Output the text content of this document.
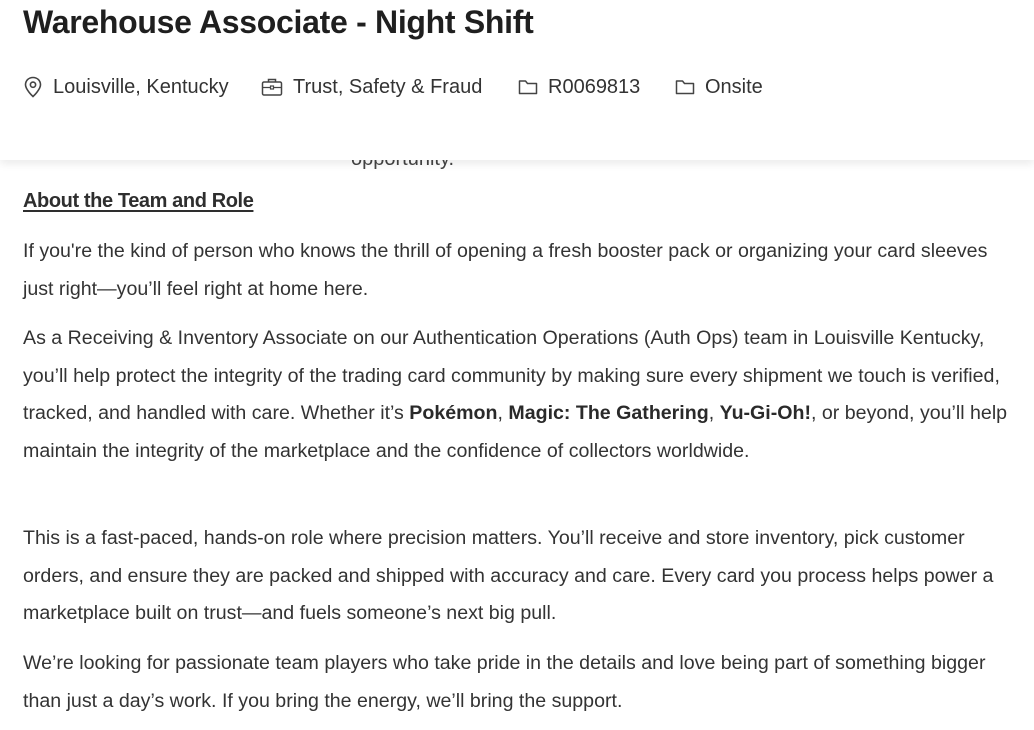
Warehouse Associate - Night Shift
Louisville, Kentucky	Trust, Safety & Fraud	R0069813	Onsite
About the Team and Role

If you're the kind of person who knows the thrill of opening a fresh booster pack or organizing your card sleeves just right—you’ll feel right at home here.

As a Receiving & Inventory Associate on our Authentication Operations (Auth Ops) team in Louisville Kentucky, you’ll help protect the integrity of the trading card community by making sure every shipment we touch is verified, tracked, and handled with care. Whether it’s Pokémon, Magic: The Gathering, Yu-Gi-Oh!, or beyond, you’ll help maintain the integrity of the marketplace and the confidence of collectors worldwide.

This is a fast-paced, hands-on role where precision matters. You’ll receive and store inventory, pick customer orders, and ensure they are packed and shipped with accuracy and care. Every card you process helps power a marketplace built on trust—and fuels someone’s next big pull.

We’re looking for passionate team players who take pride in the details and love being part of something bigger than just a day’s work. If you bring the energy, we’ll bring the support.
